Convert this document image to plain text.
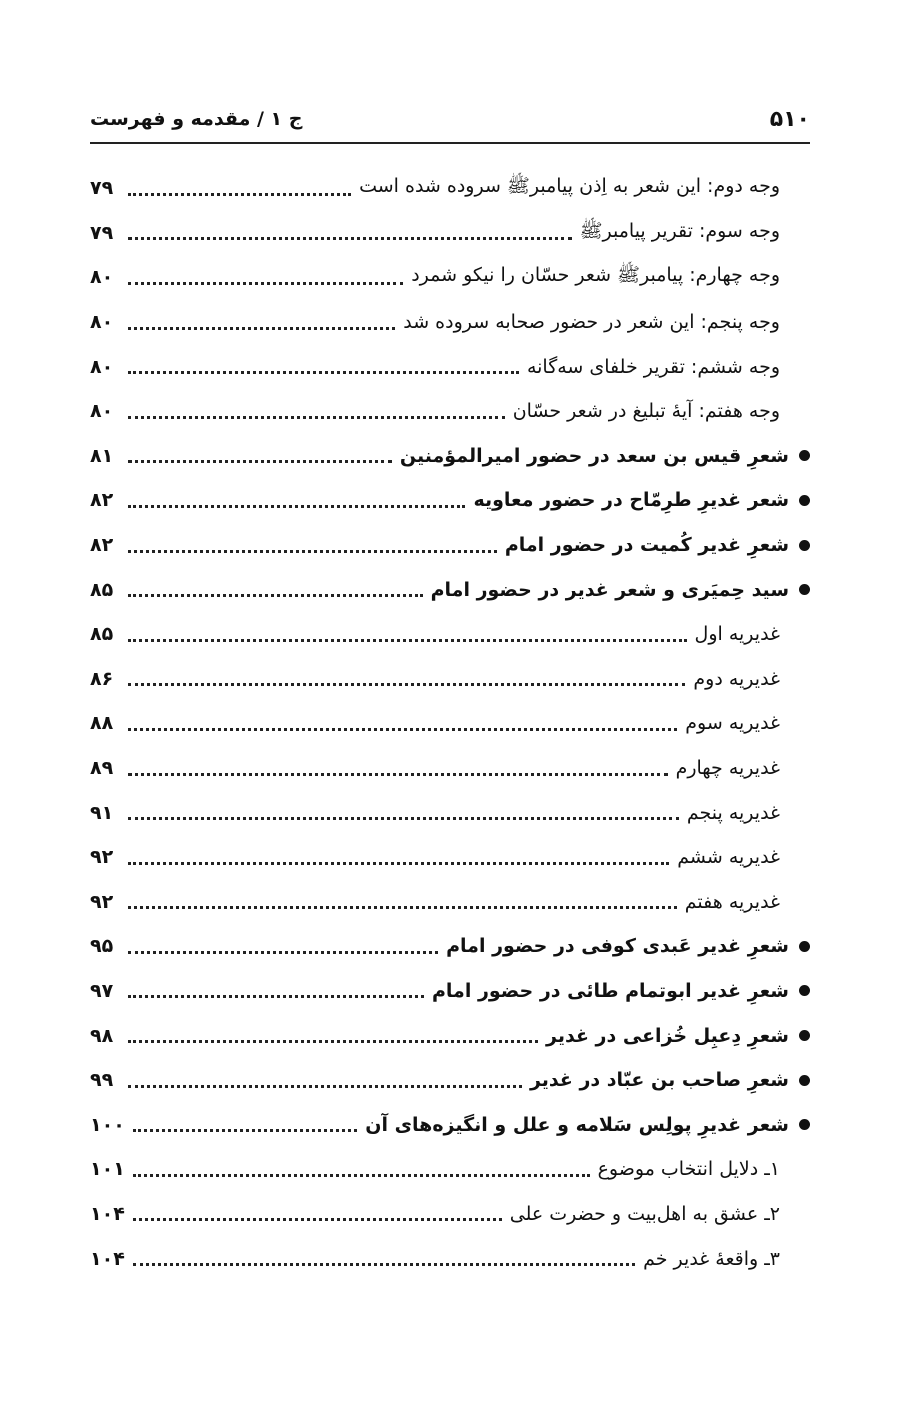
۵۱۰
ج ۱ / مقدمه و فهرست
وجه دوم: این شعر به اِذن پیامبرﷺ سروده شده است
۷۹
وجه سوم: تقریر پیامبرﷺ
۷۹
وجه چهارم: پیامبرﷺ شعر حسّان را نیکو شمرد
۸۰
وجه پنجم: این شعر در حضور صحابه سروده شد
۸۰
وجه ششم: تقریر خلفای سه‌گانه
۸۰
وجه هفتم: آیهٔ تبلیغ در شعر حسّان
۸۰
شعرِ قیس بن سعد در حضور امیرالمؤمنین
۸۱
شعر غدیرِ طرِمّاح در حضور معاویه
۸۲
شعرِ غدیر کُمیت در حضور امام
۸۲
سید حِمیَری و شعر غدیر در حضور امام
۸۵
غدیریه اول
۸۵
غدیریه دوم
۸۶
غدیریه سوم
۸۸
غدیریه چهارم
۸۹
غدیریه پنجم
۹۱
غدیریه ششم
۹۲
غدیریه هفتم
۹۲
شعرِ غدیر عَبدی کوفی در حضور امام
۹۵
شعرِ غدیر ابوتمام طائی در حضور امام
۹۷
شعرِ دِعبِل خُزاعی در غدیر
۹۸
شعرِ صاحب بن عبّاد در غدیر
۹۹
شعر غدیرِ پولِس سَلامه و علل و انگیزه‌های آن
۱۰۰
۱ـ دلایل انتخاب موضوع
۱۰۱
۲ـ عشق به اهل‌بیت و حضرت علی
۱۰۴
۳ـ واقعهٔ غدیر خم
۱۰۴
